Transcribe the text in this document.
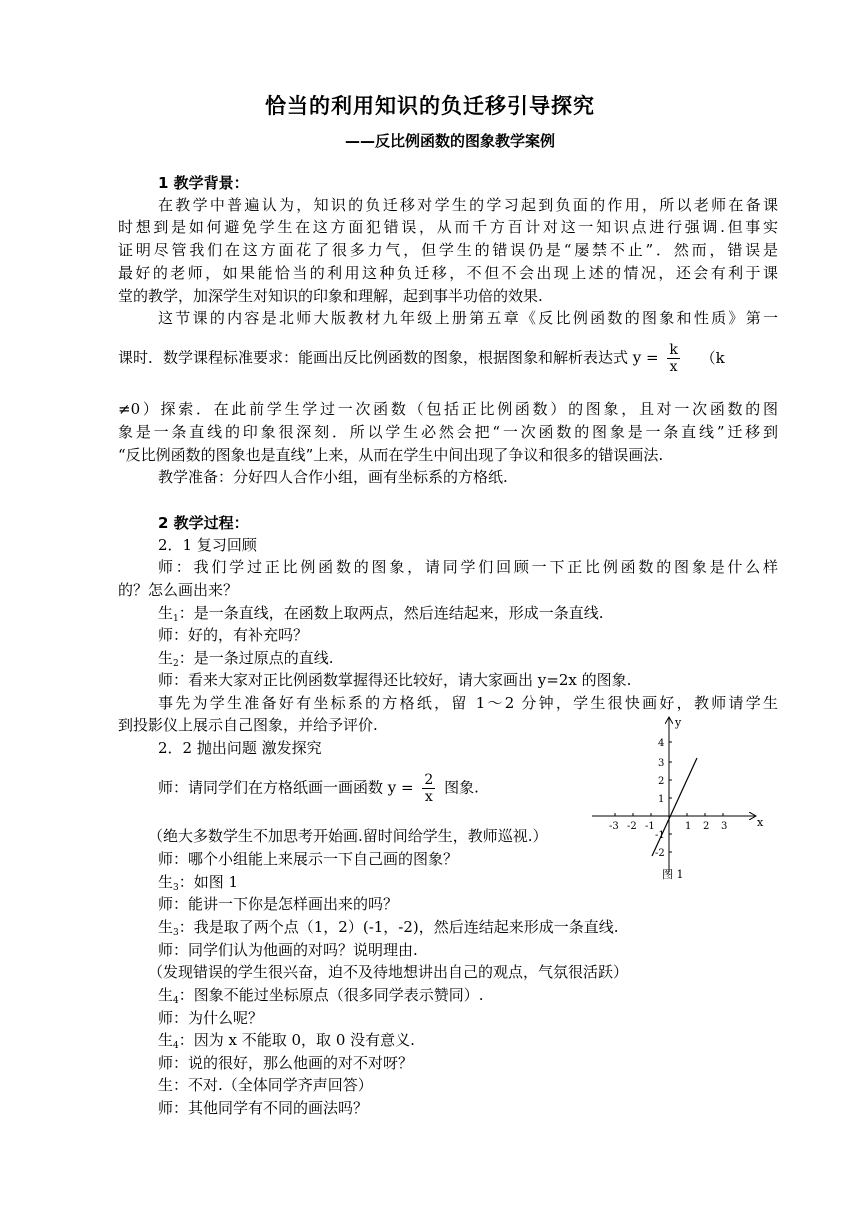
恰当的利用知识的负迁移引导探究
——反比例函数的图象教学案例
1 教学背景：
在教学中普遍认为，知识的负迁移对学生的学习起到负面的作用，所以老师在备课
时想到是如何避免学生在这方面犯错误，从而千方百计对这一知识点进行强调.但事实
证明尽管我们在这方面花了很多力气，但学生的错误仍是“屡禁不止”．然而，错误是
最好的老师，如果能恰当的利用这种负迁移，不但不会出现上述的情况，还会有利于课
堂的教学，加深学生对知识的印象和理解，起到事半功倍的效果.
这节课的内容是北师大版教材九年级上册第五章《反比例函数的图象和性质》第一
课时．数学课程标准要求：能画出反比例函数的图象，根据图象和解析表达式 $y = \frac{k}{x} (k$
≠0）探索．在此前学生学过一次函数（包括正比例函数）的图象，且对一次函数的图
象是一条直线的印象很深刻．所以学生必然会把“一次函数的图象是一条直线”迁移到
“反比例函数的图象也是直线”上来，从而在学生中间出现了争议和很多的错误画法.
教学准备：分好四人合作小组，画有坐标系的方格纸.
2 教学过程：
2．1 复习回顾
师：我们学过正比例函数的图象，请同学们回顾一下正比例函数的图象是什么样
的？怎么画出来？
生$_1$：是一条直线，在函数上取两点，然后连结起来，形成一条直线.
师：好的，有补充吗？
生$_2$：是一条过原点的直线.
师：看来大家对正比例函数掌握得还比较好，请大家画出 y=2x 的图象.
事先为学生准备好有坐标系的方格纸，留 1～2 分钟，学生很快画好，教师请学生
到投影仪上展示自己图象，并给予评价.
2．2 抛出问题 激发探究
师：请同学们在方格纸画一画函数 $y = \frac{2}{x}$ 图象.
（绝大多数学生不加思考开始画.留时间给学生，教师巡视.）
师：哪个小组能上来展示一下自己画的图象？
生$_3$：如图 1
师：能讲一下你是怎样画出来的吗？
生$_3$：我是取了两个点（1，2）(-1，-2)，然后连结起来形成一条直线.
师：同学们认为他画的对吗？说明理由.
（发现错误的学生很兴奋，迫不及待地想讲出自己的观点，气氛很活跃）
生$_4$：图象不能过坐标原点（很多同学表示赞同）.
师：为什么呢？
生$_4$：因为 x 不能取 0，取 0 没有意义.
师：说的很好，那么他画的对不对呀？
生：不对.（全体同学齐声回答）
师：其他同学有不同的画法吗？
x
y
-3 -2 -1	1 2 3
4
3
2
1
-1
-2
图 1
